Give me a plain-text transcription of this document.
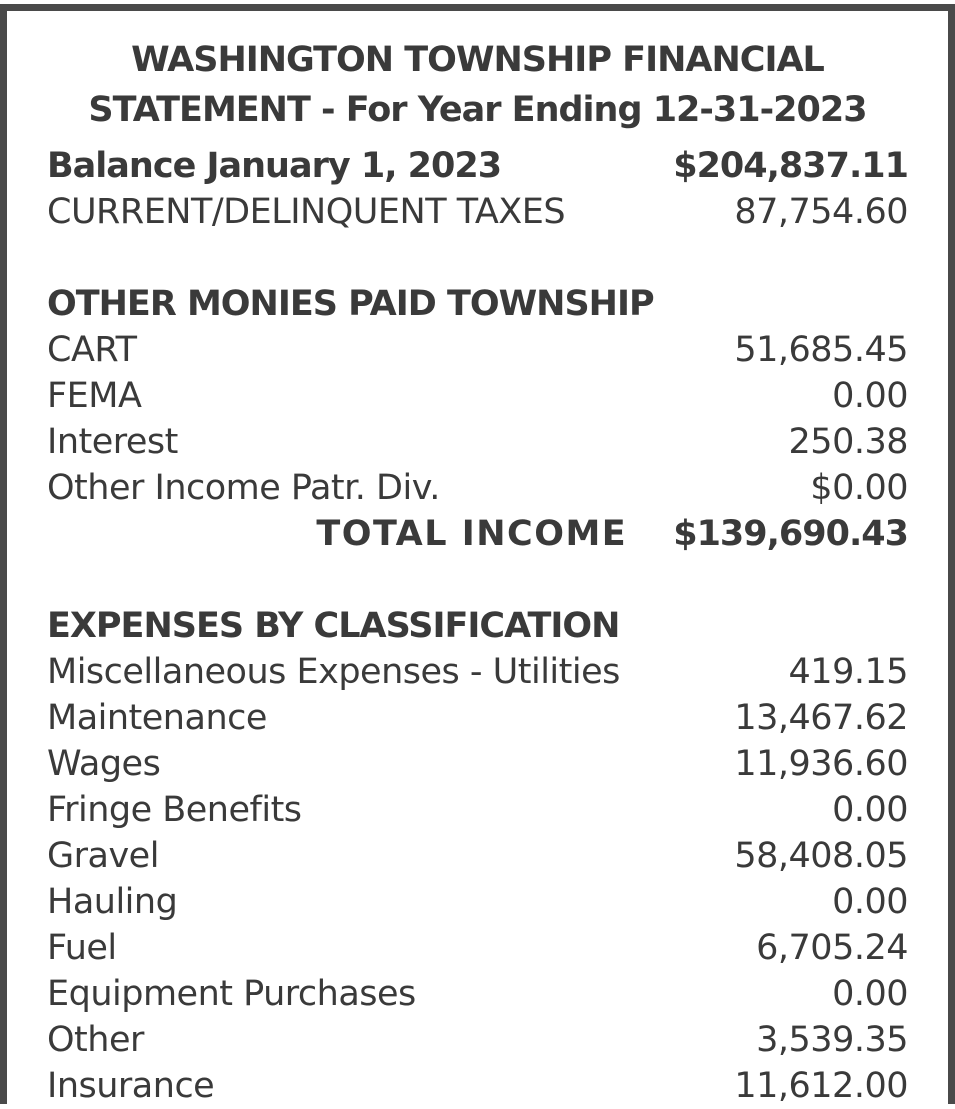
WASHINGTON TOWNSHIP FINANCIAL
STATEMENT - For Year Ending 12-31-2023
Balance January 1, 2023	$204,837.11
CURRENT/DELINQUENT TAXES	87,754.60
OTHER MONIES PAID TOWNSHIP
CART	51,685.45
FEMA	0.00
Interest	250.38
Other Income Patr. Div.	$0.00
TOTAL INCOME $139,690.43
EXPENSES BY CLASSIFICATION
Miscellaneous Expenses - Utilities	419.15
Maintenance	13,467.62
Wages	11,936.60
Fringe Benefits	0.00
Gravel	58,408.05
Hauling	0.00
Fuel	6,705.24
Equipment Purchases	0.00
Other	3,539.35
Insurance	11,612.00
